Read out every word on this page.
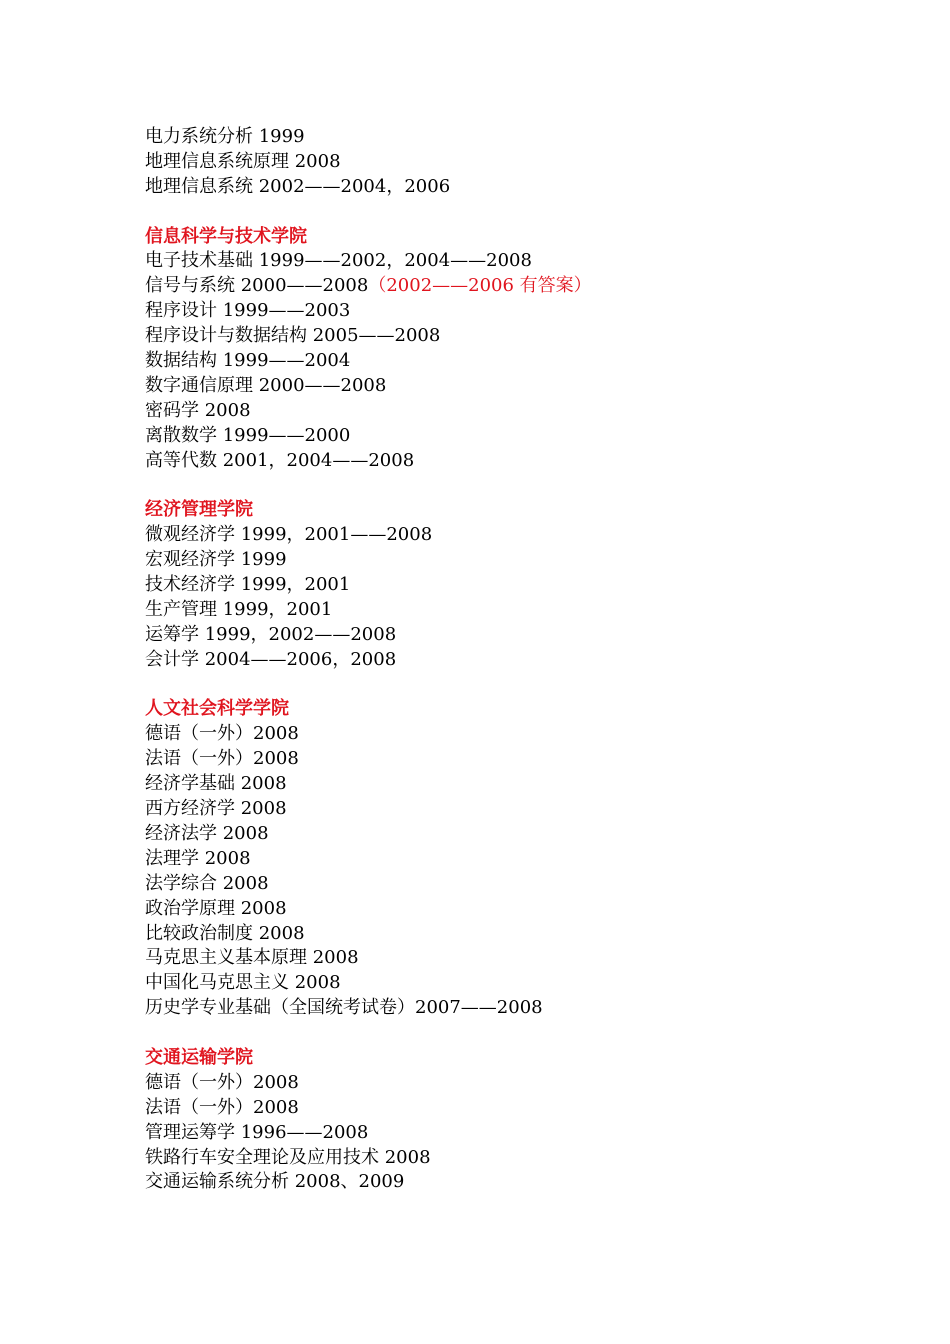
电力系统分析 1999
地理信息系统原理 2008
地理信息系统 2002——2004，2006
信息科学与技术学院
电子技术基础 1999——2002，2004——2008
信号与系统 2000——2008（2002——2006 有答案）
程序设计 1999——2003
程序设计与数据结构 2005——2008
数据结构 1999——2004
数字通信原理 2000——2008
密码学 2008
离散数学 1999——2000
高等代数 2001，2004——2008
经济管理学院
微观经济学 1999，2001——2008
宏观经济学 1999
技术经济学 1999，2001
生产管理 1999，2001
运筹学 1999，2002——2008
会计学 2004——2006，2008
人文社会科学学院
德语（一外）2008
法语（一外）2008
经济学基础 2008
西方经济学 2008
经济法学 2008
法理学 2008
法学综合 2008
政治学原理 2008
比较政治制度 2008
马克思主义基本原理 2008
中国化马克思主义 2008
历史学专业基础（全国统考试卷）2007——2008
交通运输学院
德语（一外）2008
法语（一外）2008
管理运筹学 1996——2008
铁路行车安全理论及应用技术 2008
交通运输系统分析 2008、2009
